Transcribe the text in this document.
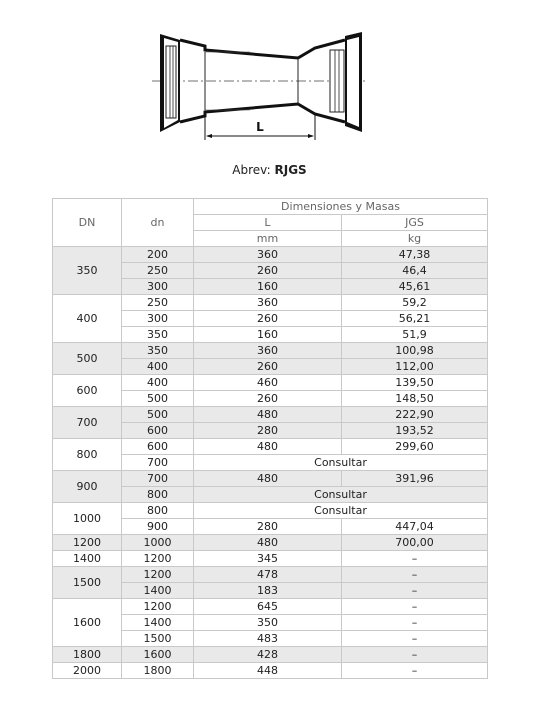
L
Abrev: RJGS
DN	dn	Dimensiones y Masas	
		L	JGS
		mm	kg
350	200	360	47,38
	250	260	46,4
	300	160	45,61
400	250	360	59,2
	300	260	56,21
	350	160	51,9
500	350	360	100,98
	400	260	112,00
600	400	460	139,50
	500	260	148,50
700	500	480	222,90
	600	280	193,52
800	600	480	299,60
	700	Consultar	
900	700	480	391,96
	800	Consultar	
1000	800	Consultar	
	900	280	447,04
1200	1000	480	700,00
1400	1200	345	–
1500	1200	478	–
	1400	183	–
1600	1200	645	–
	1400	350	–
	1500	483	–
1800	1600	428	–
2000	1800	448	–
